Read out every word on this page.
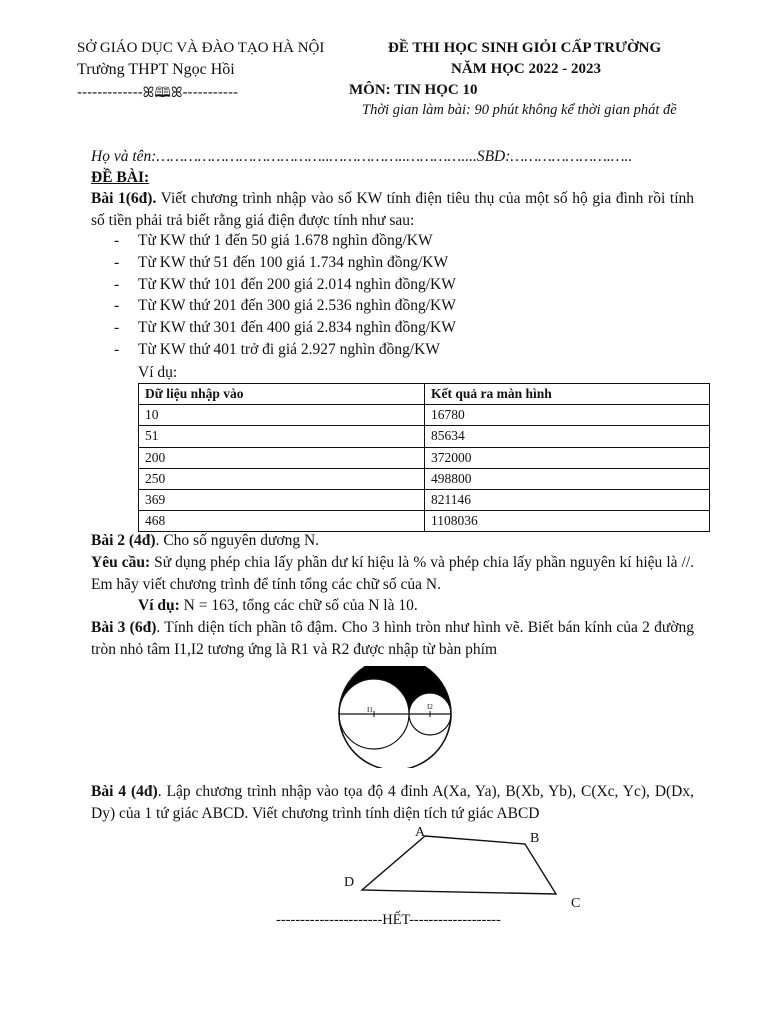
SỞ GIÁO DỤC VÀ ĐÀO TẠO HÀ NỘI
Trường THPT Ngọc Hồi
-------------ꕤ🕮ꕤ-----------
ĐỀ THI HỌC SINH GIỎI CẤP TRƯỜNG
NĂM HỌC 2022 - 2023
MÔN: TIN HỌC 10
Thời gian làm bài: 90 phút không kể thời gian phát đề
Họ và tên:………………………………..……………..…………....SBD:………………….…..
ĐỀ BÀI:
Bài 1(6đ). Viết chương trình nhập vào số KW tính điện tiêu thụ của một số hộ gia đình rồi tính số tiền phải trả biết rằng giá điện được tính như sau:
- Từ KW thứ 1 đến 50 giá 1.678 nghìn đồng/KW
- Từ KW thứ 51 đến 100 giá 1.734 nghìn đồng/KW
- Từ KW thứ 101 đến 200 giá 2.014 nghìn đồng/KW
- Từ KW thứ 201 đến 300 giá 2.536 nghìn đồng/KW
- Từ KW thứ 301 đến 400 giá 2.834 nghìn đồng/KW
- Từ KW thứ 401 trở đi giá 2.927 nghìn đồng/KW
Ví dụ:
Dữ liệu nhập vào	Kết quả ra màn hình
10	16780
51	85634
200	372000
250	498800
369	821146
468	1108036
Bài 2 (4đ). Cho số nguyên dương N.
Yêu cầu: Sử dụng phép chia lấy phần dư kí hiệu là % và phép chia lấy phần nguyên kí hiệu là //. Em hãy viết chương trình để tính tổng các chữ số của N.
Ví dụ: N = 163, tổng các chữ số của N là 10.
Bài 3 (6đ). Tính diện tích phần tô đậm. Cho 3 hình tròn như hình vẽ. Biết bán kính của 2 đường tròn nhỏ tâm I1,I2 tương ứng là R1 và R2 được nhập từ bàn phím
I1	I2
Bài 4 (4đ). Lập chương trình nhập vào tọa độ 4 đỉnh A(Xa, Ya), B(Xb, Yb), C(Xc, Yc), D(Dx, Dy) của 1 tứ giác ABCD. Viết chương trình tính diện tích tứ giác ABCD
A	B
C
D
----------------------HẾT-------------------
